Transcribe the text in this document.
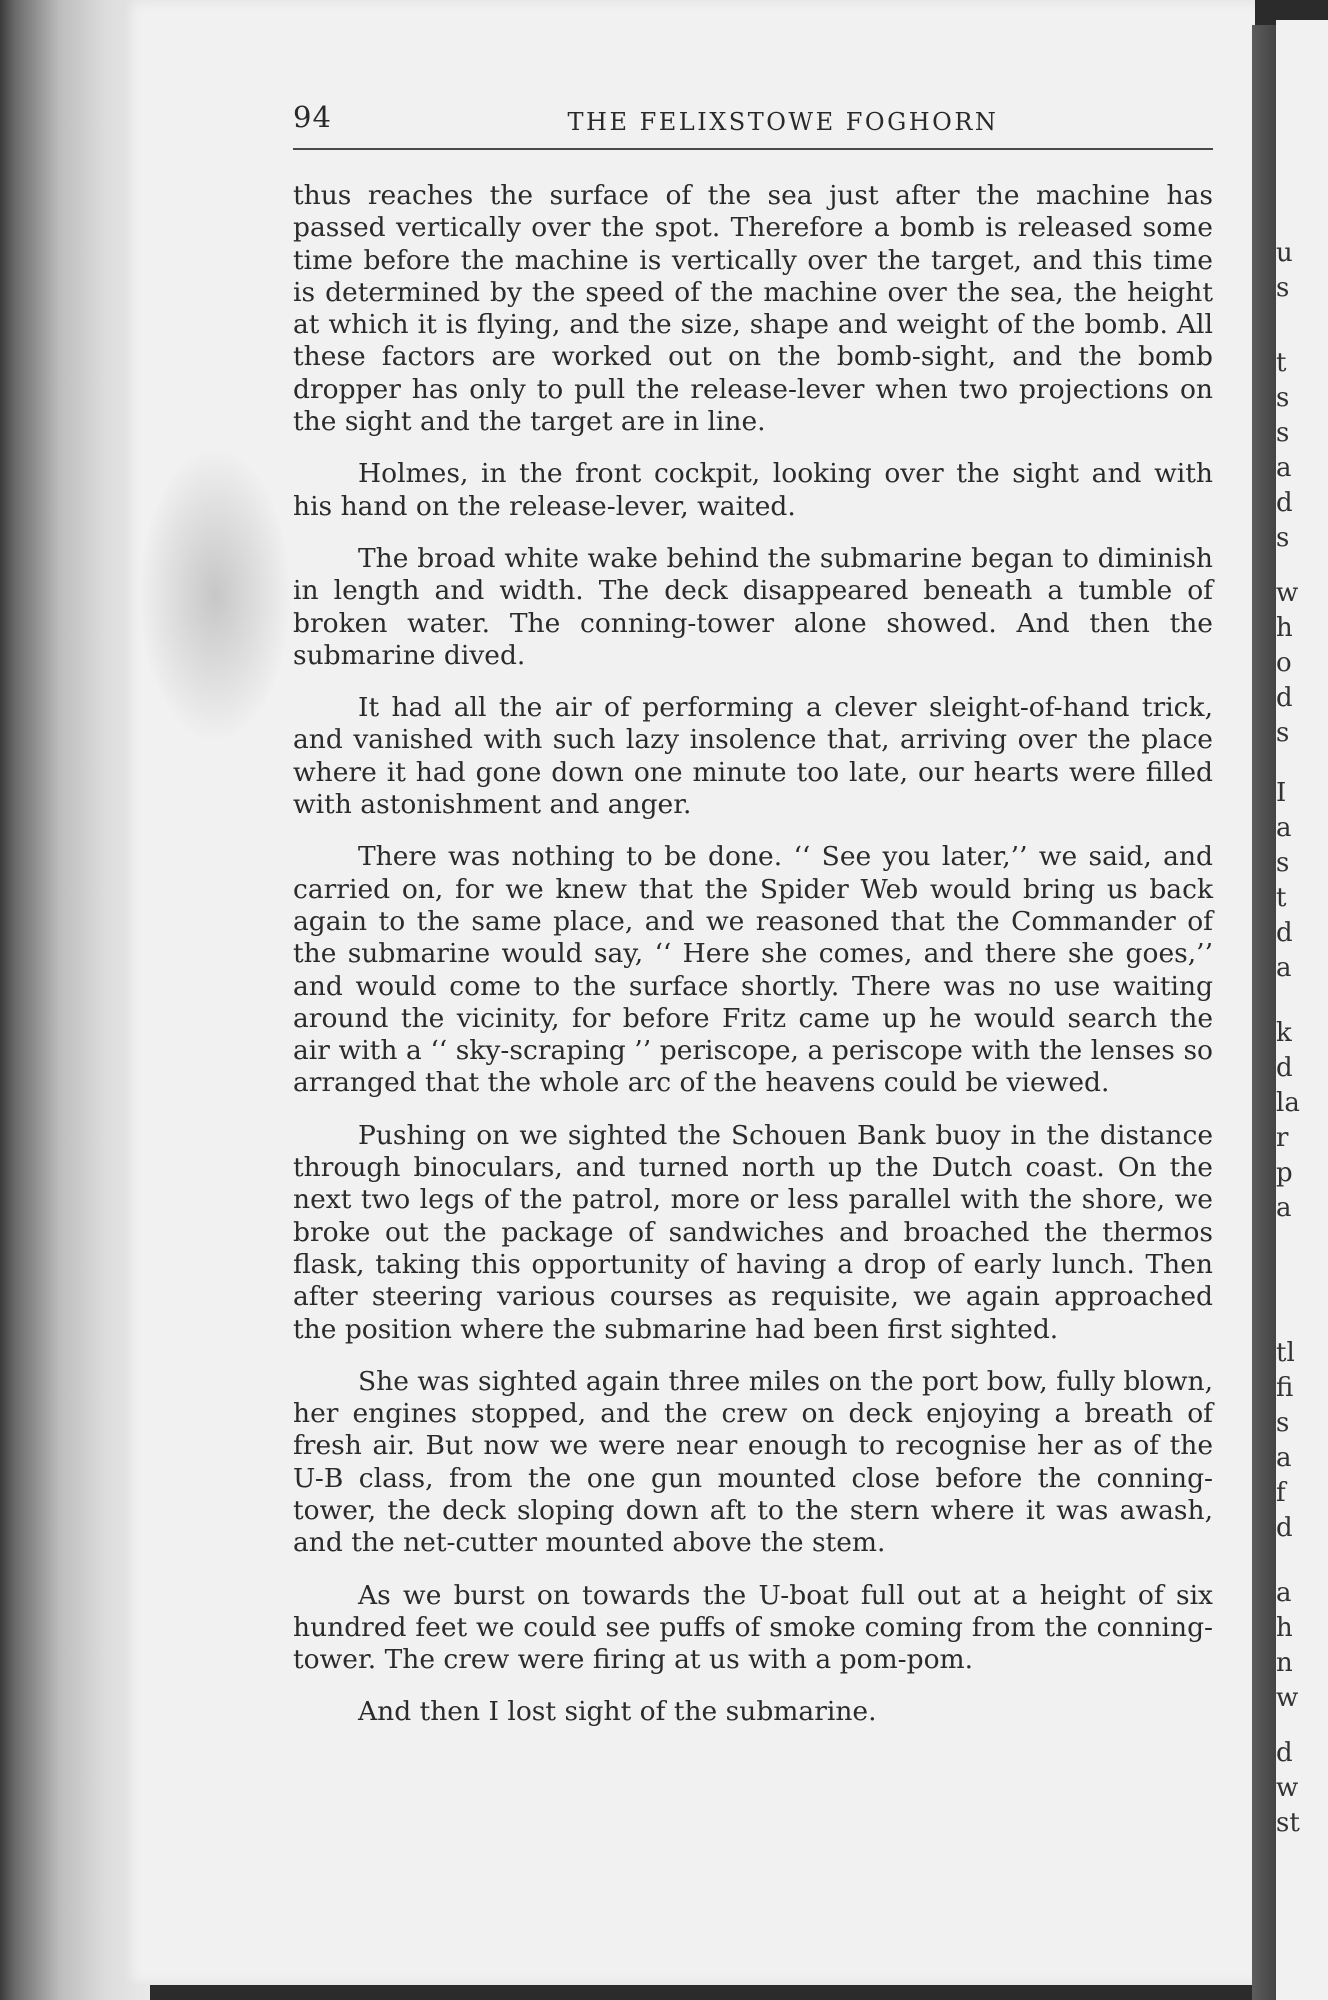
u
s
t
s
s
a
d
s
w
h
o
d
s
I
a
s
t
d
a
k
d
la
r
p
a
tl
fi
s
a
f
d
a
h
n
w
d
w
st
94	THE FELIXSTOWE FOGHORN

thus reaches the surface of the sea just after the machine has passed vertically over the spot. Therefore a bomb is released some time before the machine is vertically over the target, and this time is determined by the speed of the machine over the sea, the height at which it is flying, and the size, shape and weight of the bomb. All these factors are worked out on the bomb-sight, and the bomb dropper has only to pull the release-lever when two projections on the sight and the target are in line.

Holmes, in the front cockpit, looking over the sight and with his hand on the release-lever, waited.

The broad white wake behind the submarine began to diminish in length and width. The deck disappeared beneath a tumble of broken water. The conning-tower alone showed. And then the submarine dived.

It had all the air of performing a clever sleight-of-hand trick, and vanished with such lazy insolence that, arriving over the place where it had gone down one minute too late, our hearts were filled with astonishment and anger.

There was nothing to be done. ‘‘ See you later,’’ we said, and carried on, for we knew that the Spider Web would bring us back again to the same place, and we reasoned that the Commander of the submarine would say, ‘‘ Here she comes, and there she goes,’’ and would come to the surface shortly. There was no use waiting around the vicinity, for before Fritz came up he would search the air with a ‘‘ sky-scraping ’’ periscope, a periscope with the lenses so arranged that the whole arc of the heavens could be viewed.

Pushing on we sighted the Schouen Bank buoy in the distance through binoculars, and turned north up the Dutch coast. On the next two legs of the patrol, more or less parallel with the shore, we broke out the package of sandwiches and broached the thermos flask, taking this opportunity of having a drop of early lunch. Then after steering various courses as requisite, we again approached the position where the submarine had been first sighted.

She was sighted again three miles on the port bow, fully blown, her engines stopped, and the crew on deck enjoying a breath of fresh air. But now we were near enough to recognise her as of the U-B class, from the one gun mounted close before the conning-tower, the deck sloping down aft to the stern where it was awash, and the net-cutter mounted above the stem.

As we burst on towards the U-boat full out at a height of six hundred feet we could see puffs of smoke coming from the conning-tower. The crew were firing at us with a pom-pom.

And then I lost sight of the submarine.
